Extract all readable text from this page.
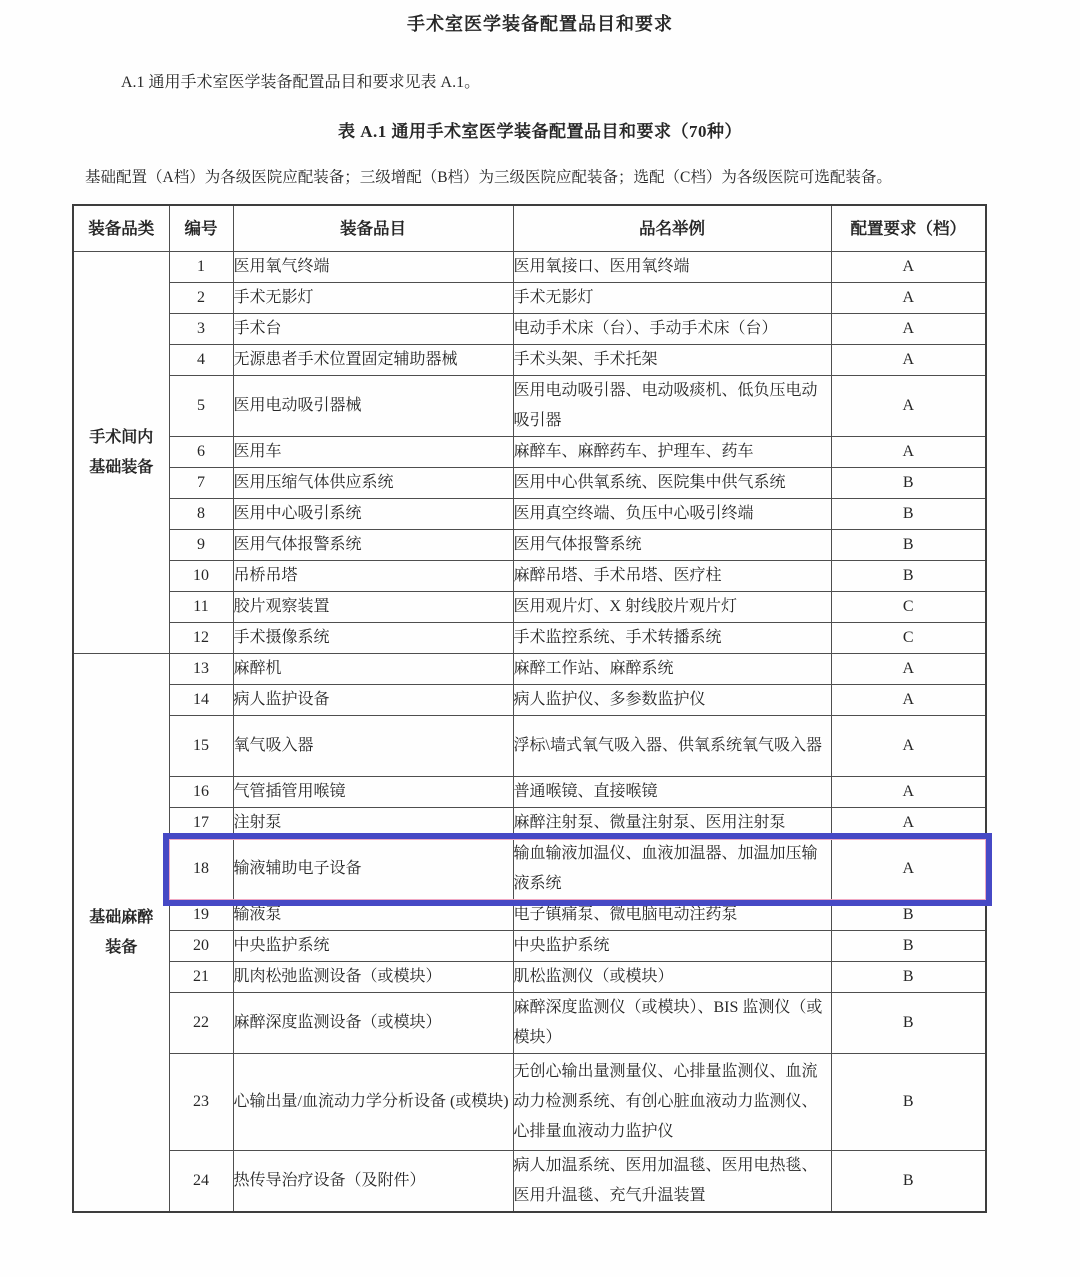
手术室医学装备配置品目和要求
A.1 通用手术室医学装备配置品目和要求见表 A.1。
表 A.1 通用手术室医学装备配置品目和要求（70种）
基础配置（A档）为各级医院应配装备；三级增配（B档）为三级医院应配装备；选配（C档）为各级医院可选配装备。
装备品类	编号	装备品目	品名举例	配置要求（档）

手术间内
基础装备	1	医用氧气终端	医用氧接口、医用氧终端	A
	2	手术无影灯	手术无影灯	A
	3	手术台	电动手术床（台）、手动手术床（台）	A
	4	无源患者手术位置固定辅助器械	手术头架、手术托架	A
	5	医用电动吸引器械	医用电动吸引器、电动吸痰机、低负压电动吸引器	A
	6	医用车	麻醉车、麻醉药车、护理车、药车	A
	7	医用压缩气体供应系统	医用中心供氧系统、医院集中供气系统	B
	8	医用中心吸引系统	医用真空终端、负压中心吸引终端	B
	9	医用气体报警系统	医用气体报警系统	B
	10	吊桥吊塔	麻醉吊塔、手术吊塔、医疗柱	B
	11	胶片观察装置	医用观片灯、X 射线胶片观片灯	C
	12	手术摄像系统	手术监控系统、手术转播系统	C

基础麻醉
装备	13	麻醉机	麻醉工作站、麻醉系统	A
	14	病人监护设备	病人监护仪、多参数监护仪	A
	15	氧气吸入器	浮标\墙式氧气吸入器、供氧系统氧气吸入器	A
	16	气管插管用喉镜	普通喉镜、直接喉镜	A
	17	注射泵	麻醉注射泵、微量注射泵、医用注射泵	A
	18	输液辅助电子设备	输血输液加温仪、血液加温器、加温加压输液系统	A
	19	输液泵	电子镇痛泵、微电脑电动注药泵	B
	20	中央监护系统	中央监护系统	B
	21	肌肉松弛监测设备（或模块）	肌松监测仪（或模块）	B
	22	麻醉深度监测设备（或模块）	麻醉深度监测仪（或模块）、BIS 监测仪（或模块）	B
	23	心输出量/血流动力学分析设备 (或模块)	无创心输出量测量仪、心排量监测仪、血流动力检测系统、有创心脏血液动力监测仪、心排量血液动力监护仪	B
	24	热传导治疗设备（及附件）	病人加温系统、医用加温毯、医用电热毯、医用升温毯、充气升温装置	B
